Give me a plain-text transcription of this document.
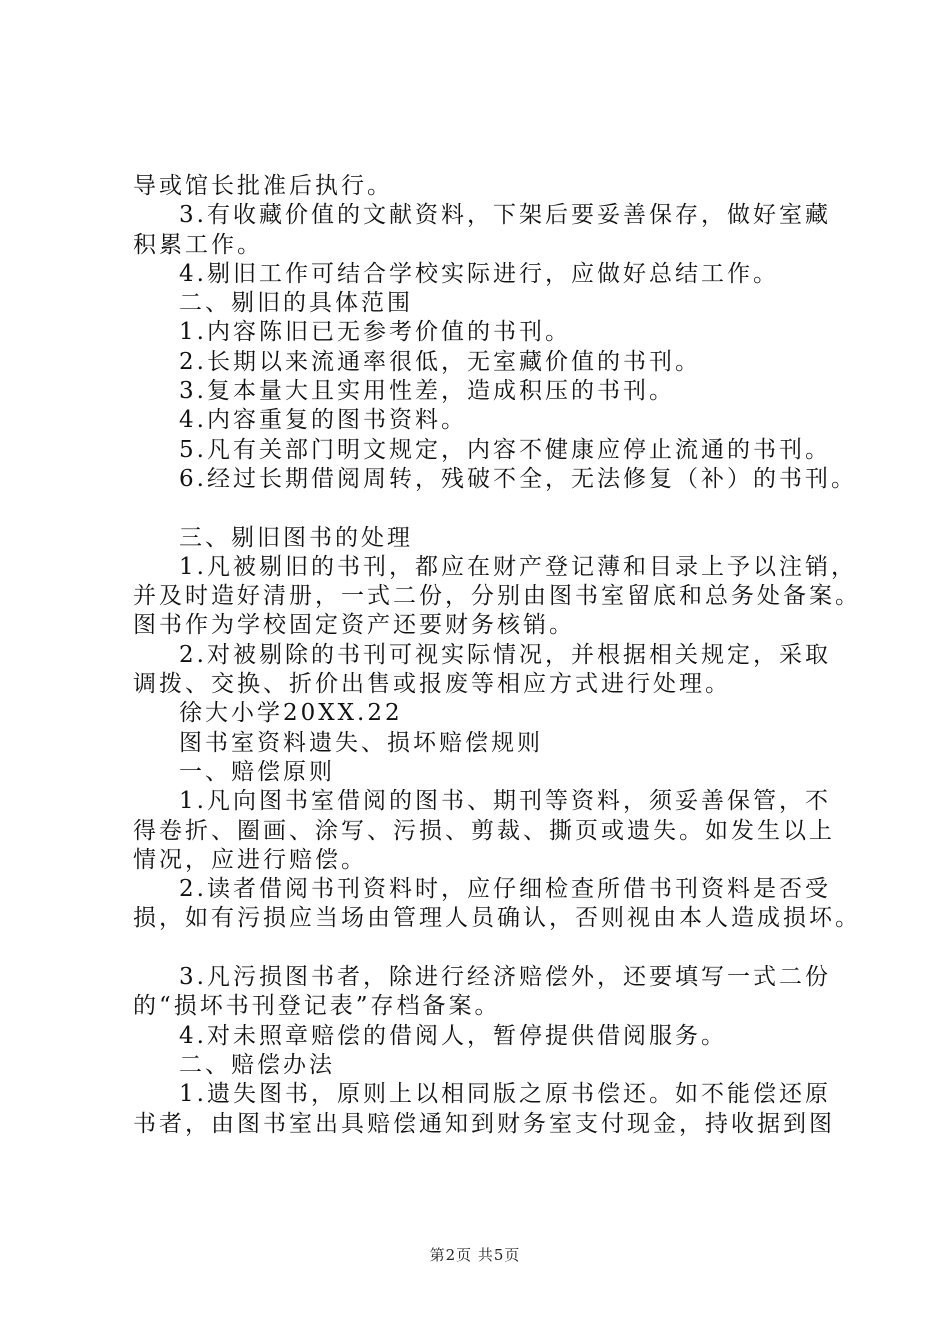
导或馆长批准后执行。
3.有收藏价值的文献资料，下架后要妥善保存，做好室藏
积累工作。
4.剔旧工作可结合学校实际进行，应做好总结工作。
二、剔旧的具体范围
1.内容陈旧已无参考价值的书刊。
2.长期以来流通率很低，无室藏价值的书刊。
3.复本量大且实用性差，造成积压的书刊。
4.内容重复的图书资料。
5.凡有关部门明文规定，内容不健康应停止流通的书刊。
6.经过长期借阅周转，残破不全，无法修复（补）的书刊。
三、剔旧图书的处理
1.凡被剔旧的书刊，都应在财产登记薄和目录上予以注销，
并及时造好清册，一式二份，分别由图书室留底和总务处备案。
图书作为学校固定资产还要财务核销。
2.对被剔除的书刊可视实际情况，并根据相关规定，采取
调拨、交换、折价出售或报废等相应方式进行处理。
徐大小学20XX.22
图书室资料遗失、损坏赔偿规则
一、赔偿原则
1.凡向图书室借阅的图书、期刊等资料，须妥善保管，不
得卷折、圈画、涂写、污损、剪裁、撕页或遗失。如发生以上
情况，应进行赔偿。
2.读者借阅书刊资料时，应仔细检查所借书刊资料是否受
损，如有污损应当场由管理人员确认，否则视由本人造成损坏。
3.凡污损图书者，除进行经济赔偿外，还要填写一式二份
的“损坏书刊登记表”存档备案。
4.对未照章赔偿的借阅人，暂停提供借阅服务。
二、赔偿办法
1.遗失图书，原则上以相同版之原书偿还。如不能偿还原
书者，由图书室出具赔偿通知到财务室支付现金，持收据到图
第2页 共5页
